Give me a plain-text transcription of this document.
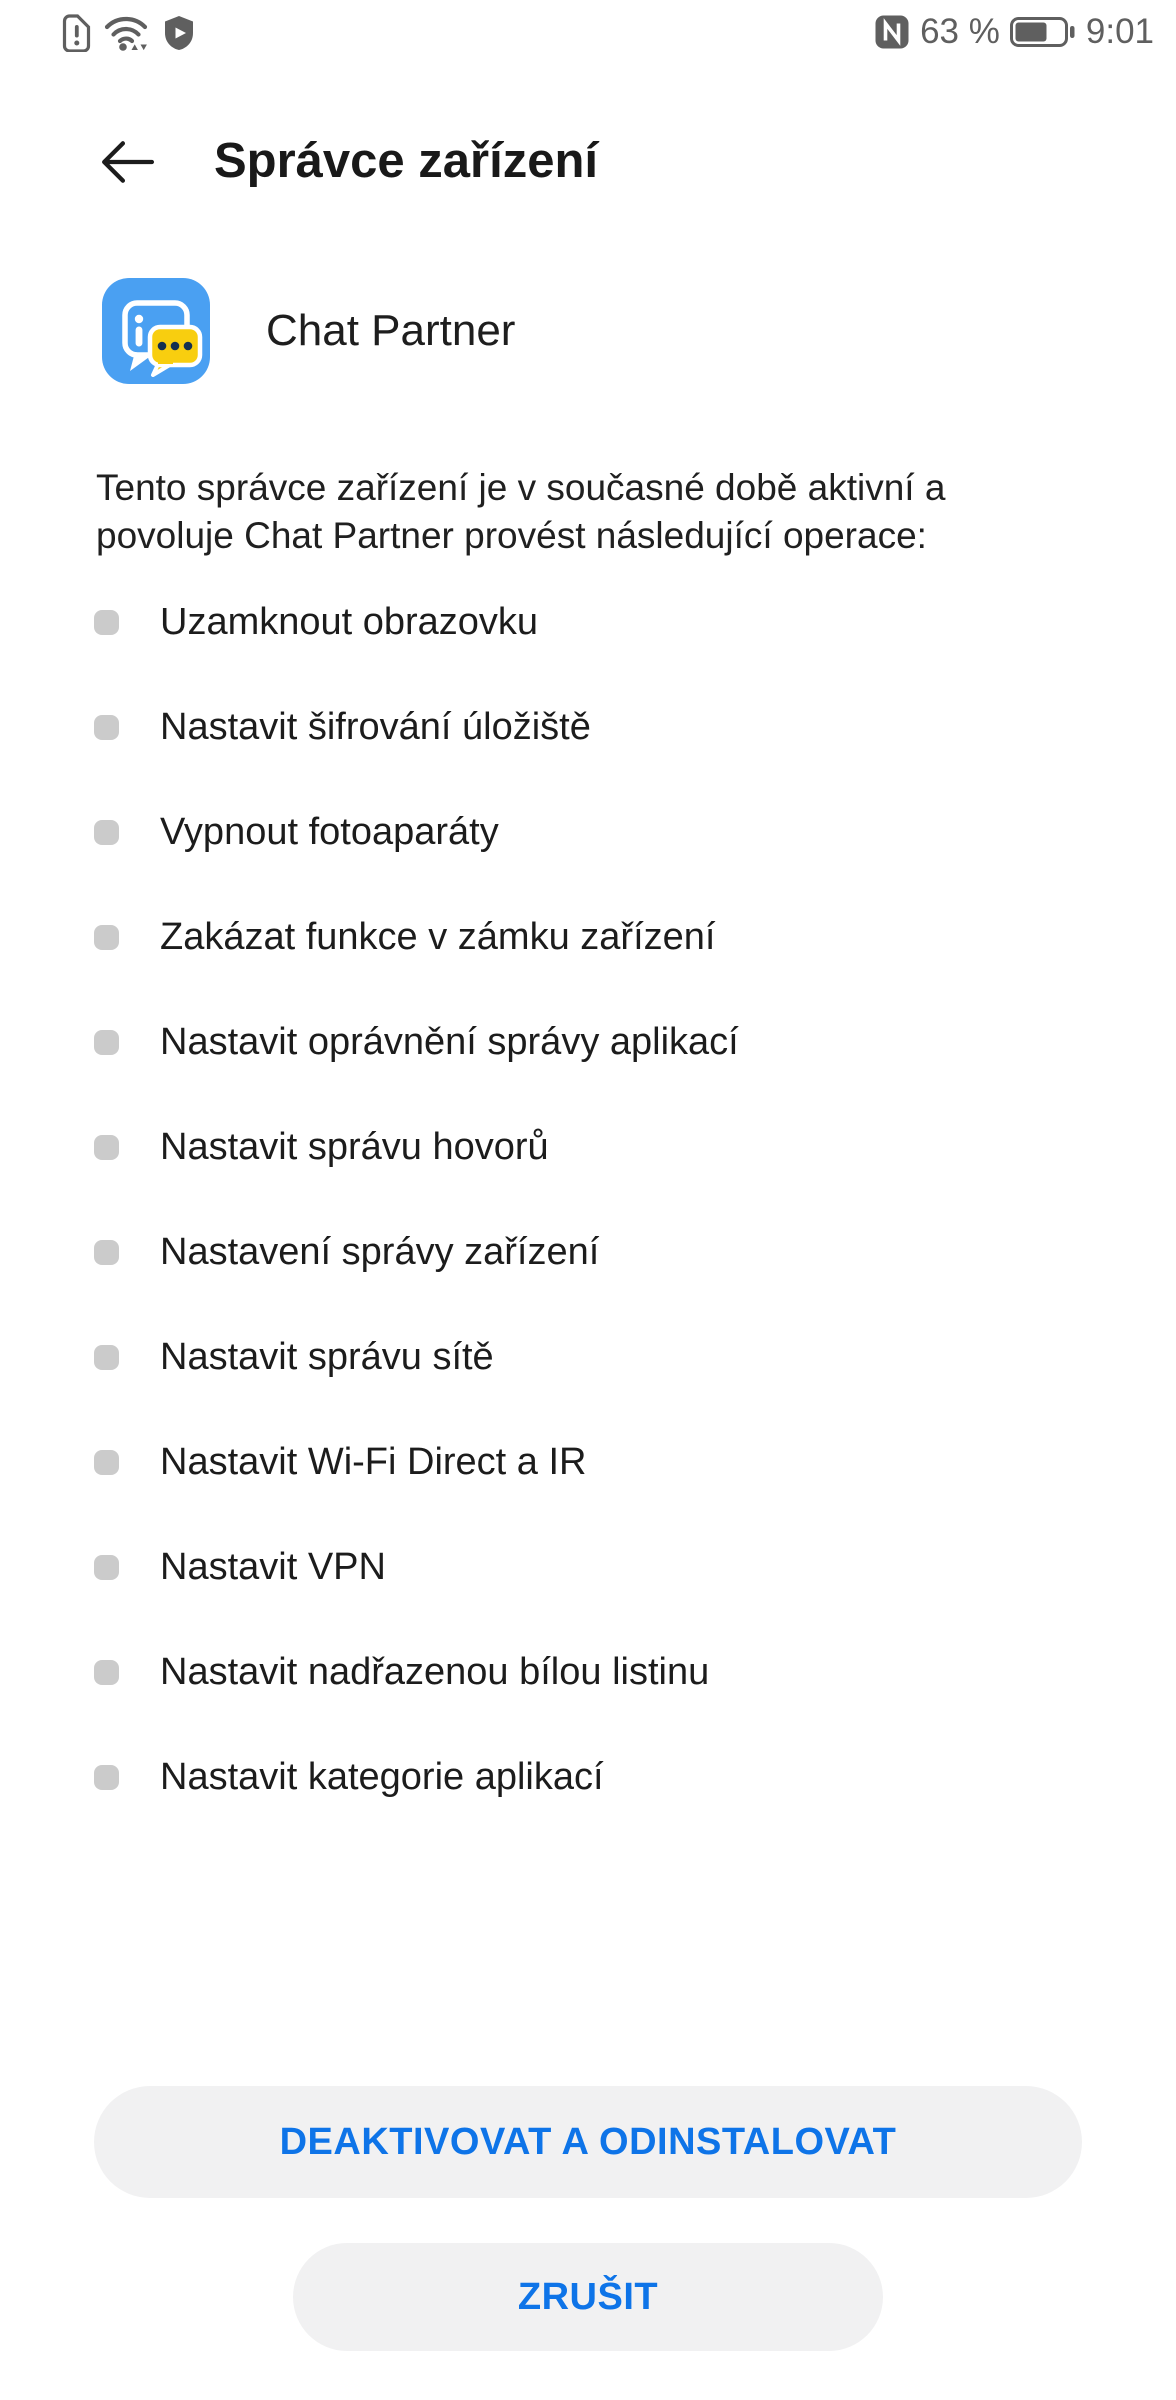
63 % 9:01
Správce zařízení
Chat Partner
Tento správce zařízení je v současné době aktivní a
povoluje Chat Partner provést následující operace:
Uzamknout obrazovku
Nastavit šifrování úložiště
Vypnout fotoaparáty
Zakázat funkce v zámku zařízení
Nastavit oprávnění správy aplikací
Nastavit správu hovorů
Nastavení správy zařízení
Nastavit správu sítě
Nastavit Wi-Fi Direct a IR
Nastavit VPN
Nastavit nadřazenou bílou listinu
Nastavit kategorie aplikací
DEAKTIVOVAT A ODINSTALOVAT
ZRUŠIT
